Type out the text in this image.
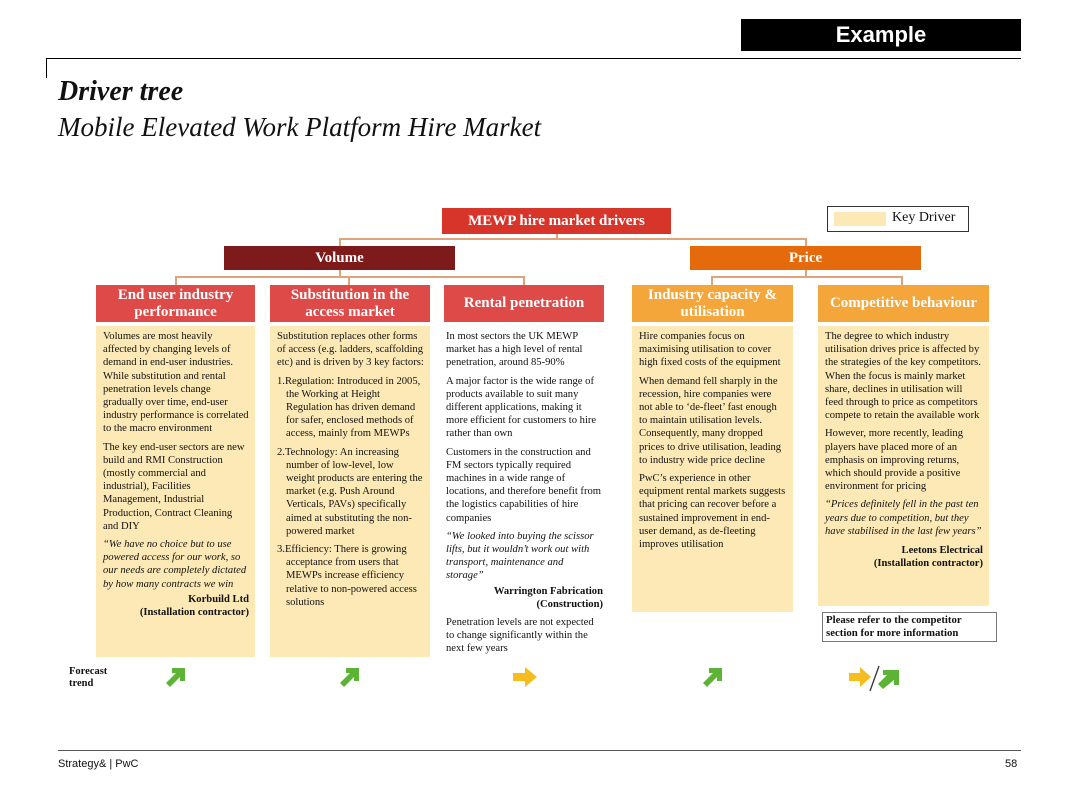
Example
Driver tree
Mobile Elevated Work Platform Hire Market
MEWP hire market drivers
Volume	Price
Key Driver
End user industry performance
Substitution in the access market
Rental penetration
Industry capacity & utilisation
Competitive behaviour

Volumes are most heavily affected by changing levels of demand in end-user industries. While substitution and rental penetration levels change gradually over time, end-user industry performance is correlated to the macro environment

The key end-user sectors are new build and RMI Construction (mostly commercial and industrial), Facilities Management, Industrial Production, Contract Cleaning and DIY

“We have no choice but to use powered access for our work, so our needs are completely dictated by how many contracts we win

Korbuild Ltd

(Installation contractor)

Substitution replaces other forms of access (e.g. ladders, scaffolding etc) and is driven by 3 key factors:

1.Regulation: Introduced in 2005, the Working at Height Regulation has driven demand for safer, enclosed methods of access, mainly from MEWPs

2.Technology: An increasing number of low-level, low weight products are entering the market (e.g. Push Around Verticals, PAVs) specifically aimed at substituting the non-powered market

3.Efficiency: There is growing acceptance from users that MEWPs increase efficiency relative to non-powered access solutions

In most sectors the UK MEWP market has a high level of rental penetration, around 85-90%

A major factor is the wide range of products available to suit many different applications, making it more efficient for customers to hire rather than own

Customers in the construction and FM sectors typically required machines in a wide range of locations, and therefore benefit from the logistics capabilities of hire companies

“We looked into buying the scissor lifts, but it wouldn’t work out with transport, maintenance and storage”

Warrington Fabrication

(Construction)

Penetration levels are not expected to change significantly within the next few years

Hire companies focus on maximising utilisation to cover high fixed costs of the equipment

When demand fell sharply in the recession, hire companies were not able to ‘de-fleet’ fast enough to maintain utilisation levels. Consequently, many dropped prices to drive utilisation, leading to industry wide price decline

PwC’s experience in other equipment rental markets suggests that pricing can recover before a sustained improvement in end-user demand, as de-fleeting improves utilisation

The degree to which industry utilisation drives price is affected by the strategies of the key competitors. When the focus is mainly market share, declines in utilisation will feed through to price as competitors compete to retain the available work

However, more recently, leading players have placed more of an emphasis on improving returns, which should provide a positive environment for pricing

“Prices definitely fell in the past ten years due to competition, but they have stabilised in the last few years”

Leetons Electrical

(Installation contractor)

Please refer to the competitor section for more information
Forecast
trend
Strategy& | PwC	58
